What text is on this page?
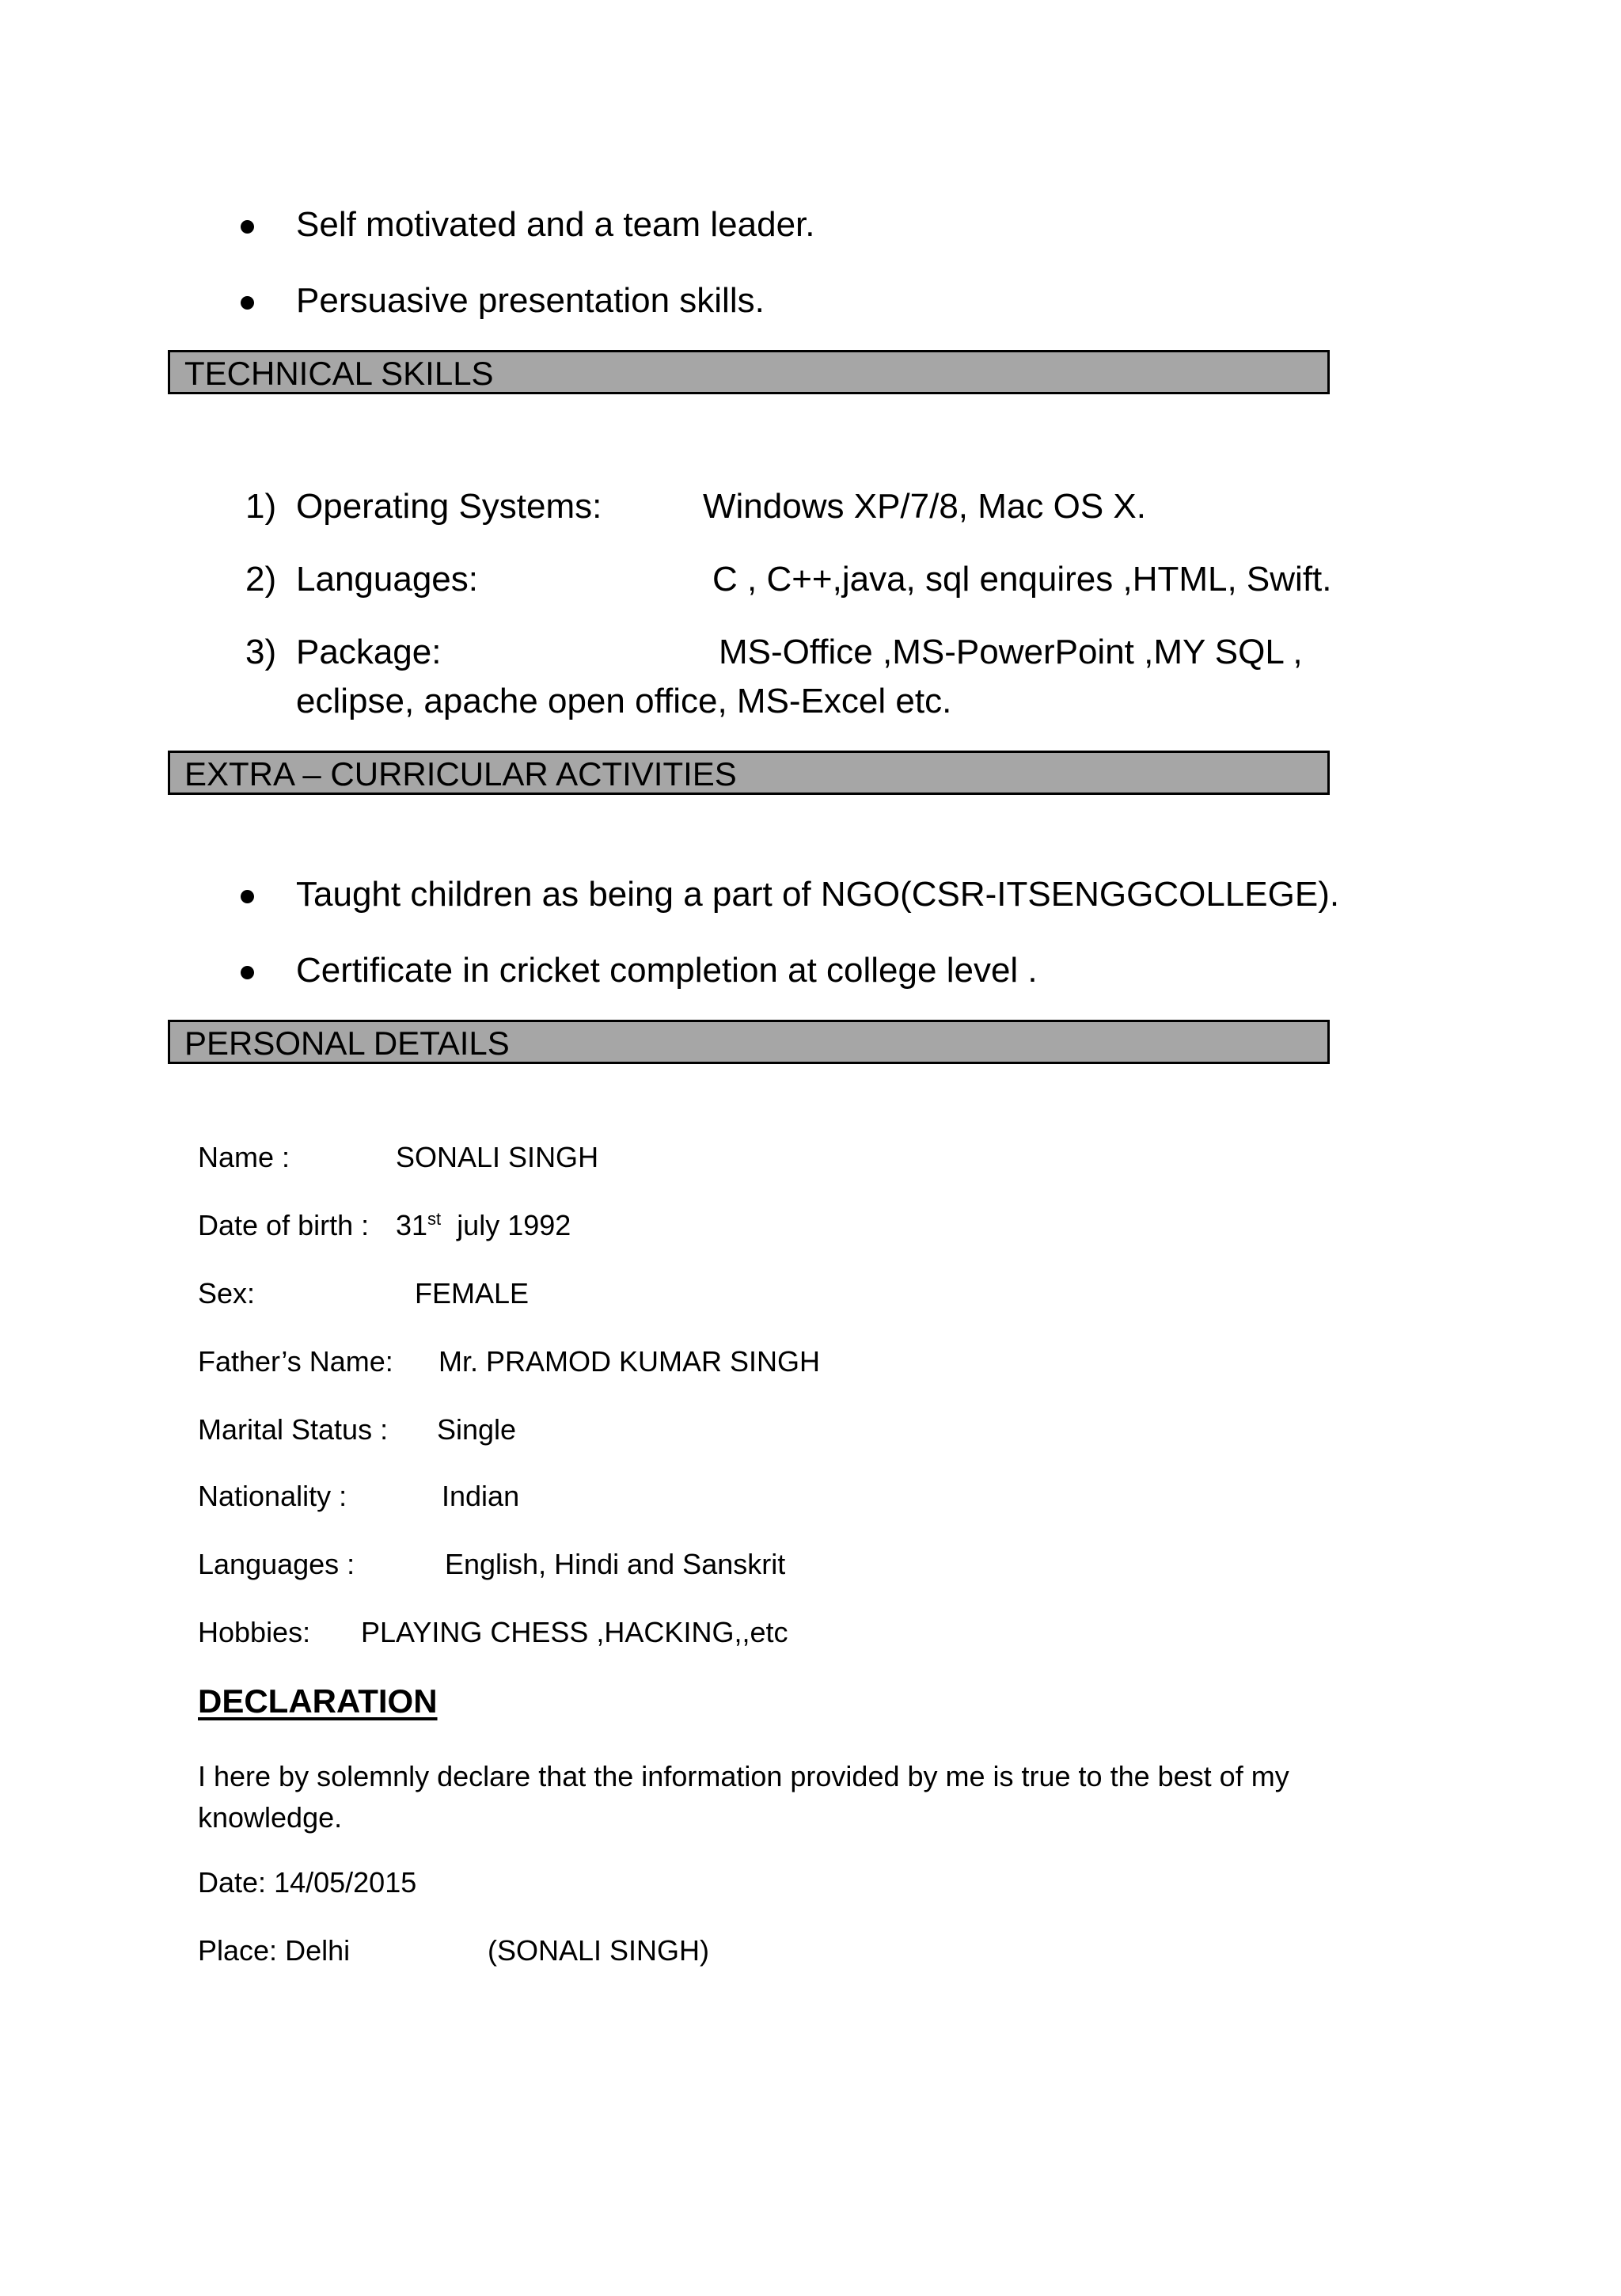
Self motivated and a team leader.
Persuasive presentation skills.
TECHNICAL SKILLS
1) Operating Systems:	Windows XP/7/8, Mac OS X.
2) Languages:	C , C++,java, sql enquires ,HTML, Swift.
3) Package:	MS-Office ,MS-PowerPoint ,MY SQL ,
eclipse, apache open office, MS-Excel etc.
EXTRA – CURRICULAR ACTIVITIES
Taught children as being a part of NGO(CSR-ITSENGGCOLLEGE).
Certificate in cricket completion at college level .
PERSONAL DETAILS
Name :	SONALI SINGH
Date of birth : 31st july 1992
Sex:	FEMALE
Father’s Name: Mr. PRAMOD KUMAR SINGH
Marital Status : Single
Nationality :	Indian
Languages :	English, Hindi and Sanskrit
Hobbies: PLAYING CHESS ,HACKING,,etc
DECLARATION
I here by solemnly declare that the information provided by me is true to the best of my knowledge.
Date: 14/05/2015
Place: Delhi	(SONALI SINGH)
